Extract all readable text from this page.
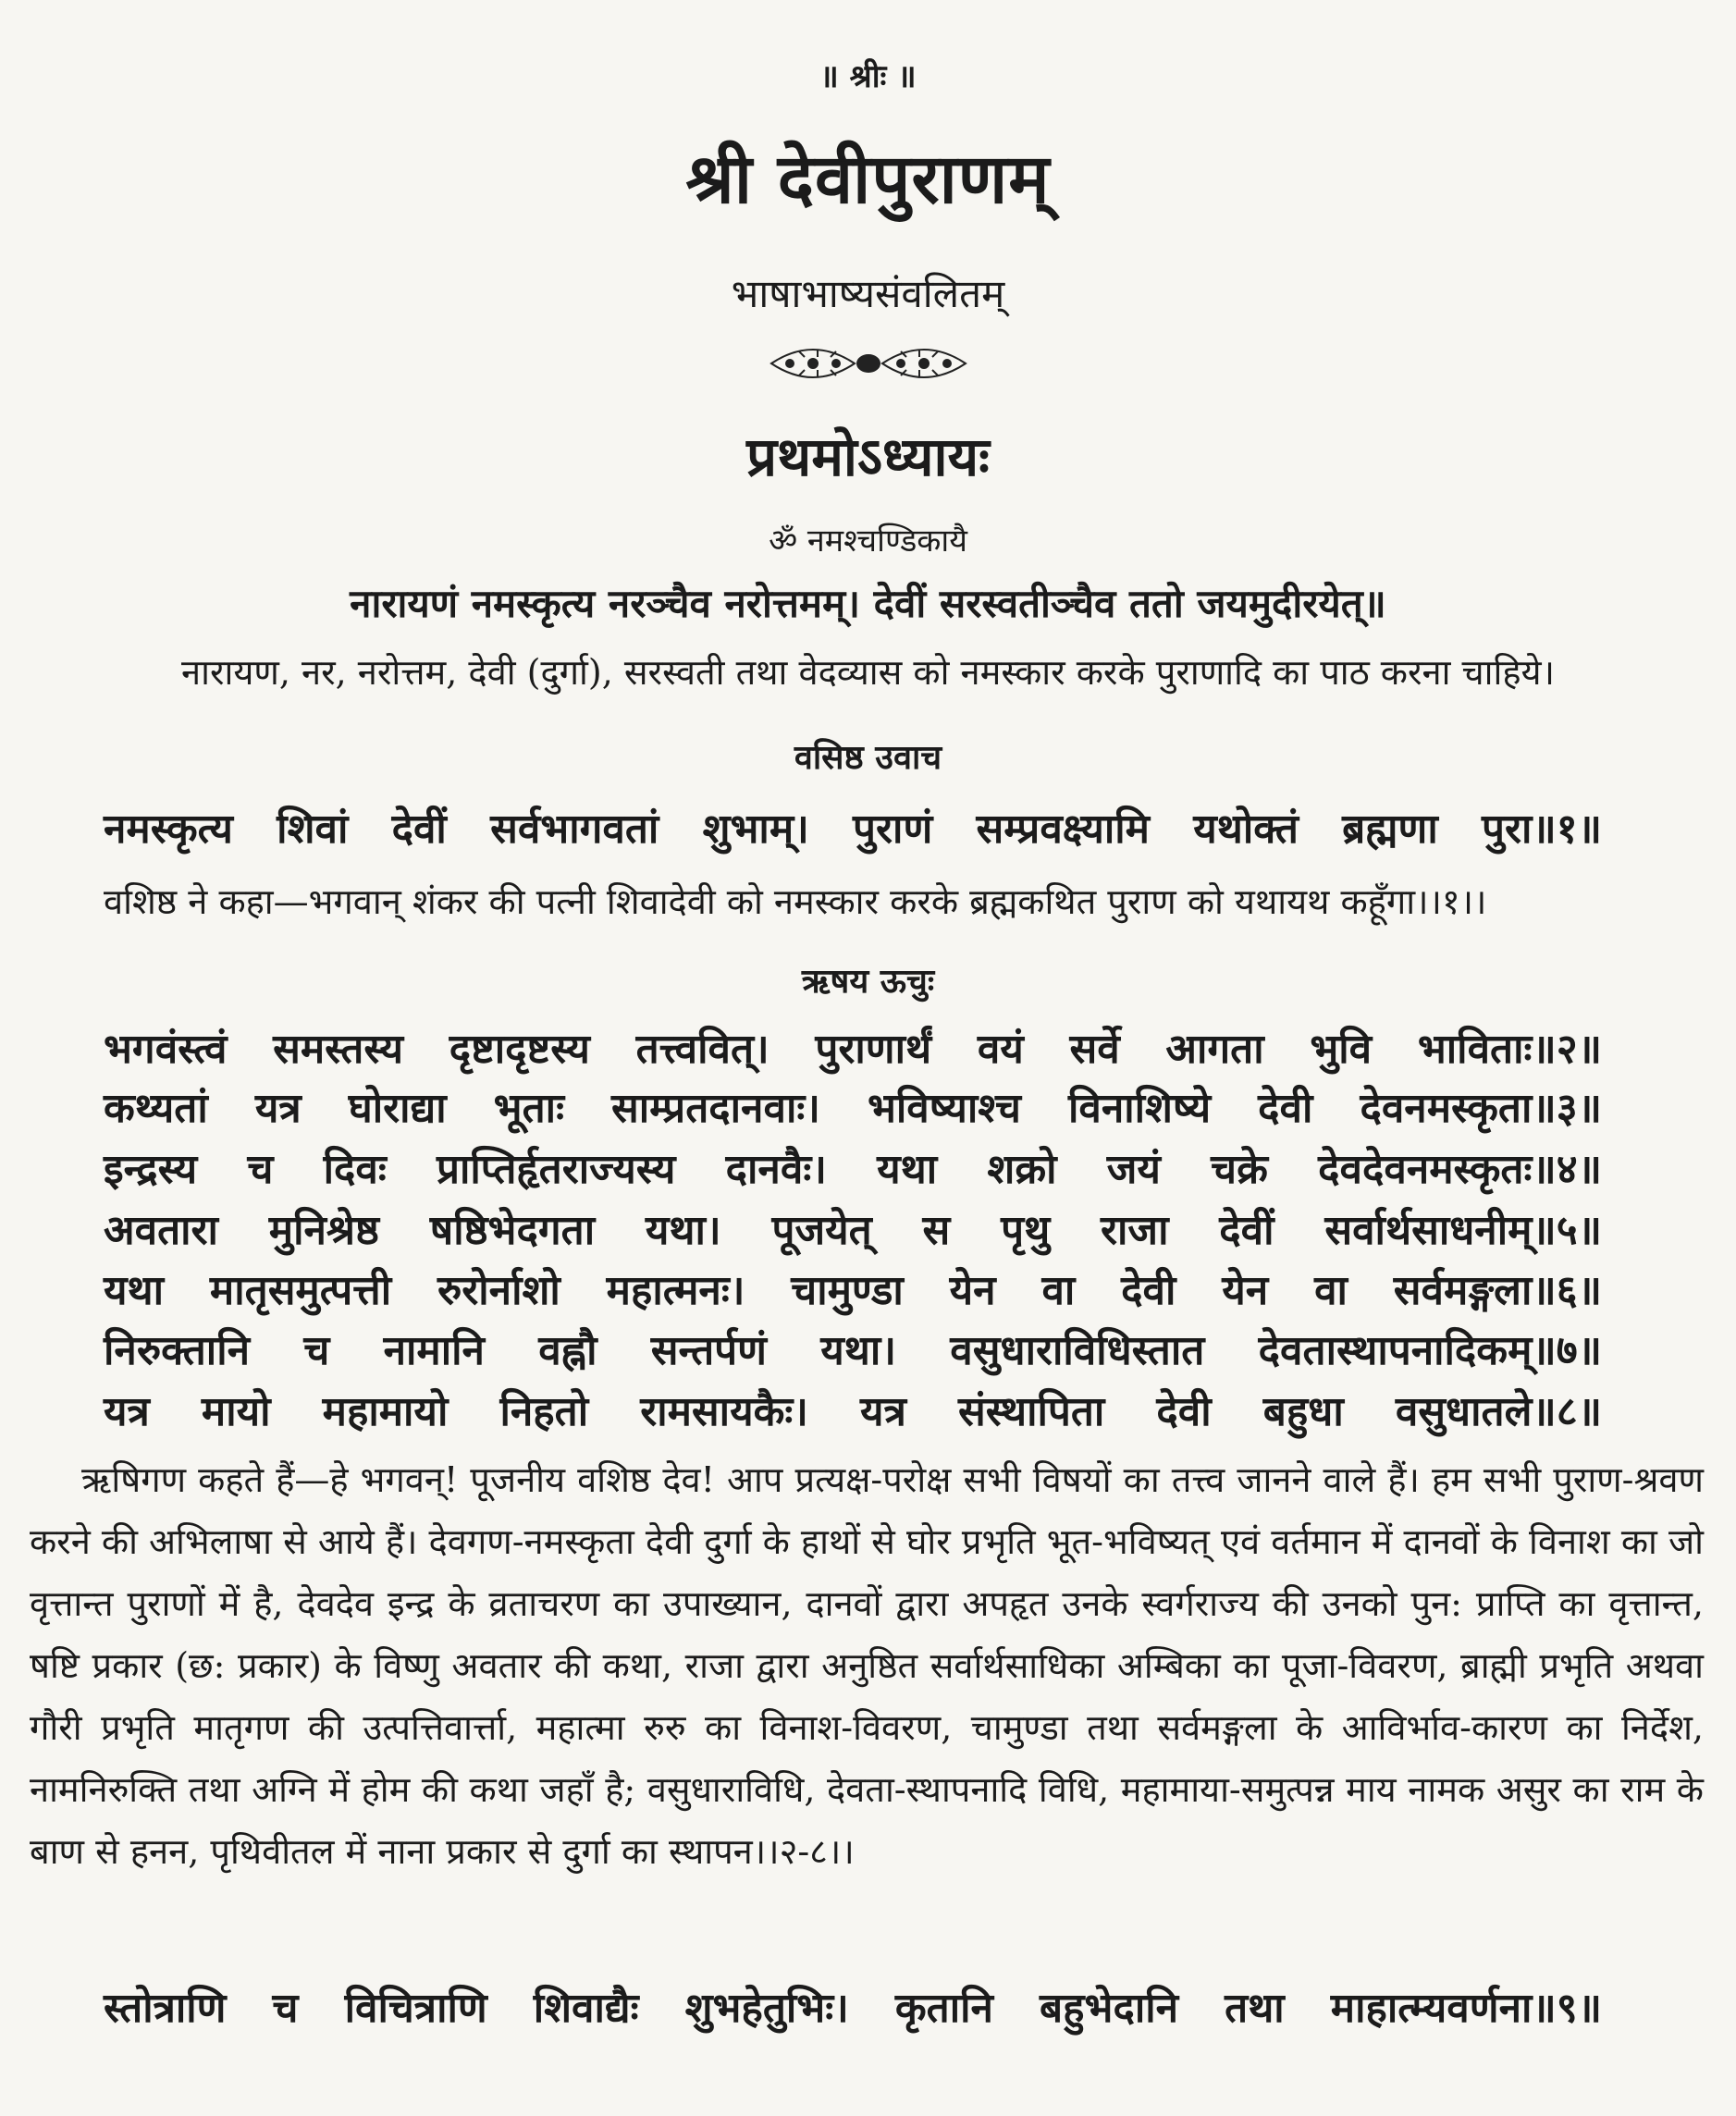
॥ श्रीः ॥
श्री देवीपुराणम्
भाषाभाष्यसंवलितम्
प्रथमोऽध्यायः
ॐ नमश्चण्डिकायै
नारायणं नमस्कृत्य नरञ्चैव नरोत्तमम्। देवीं सरस्वतीञ्चैव ततो जयमुदीरयेत्॥
नारायण, नर, नरोत्तम, देवी (दुर्गा), सरस्वती तथा वेदव्यास को नमस्कार करके पुराणादि का पाठ करना चाहिये।
वसिष्ठ उवाच
नमस्कृत्य शिवां देवीं सर्वभागवतां शुभाम्। पुराणं सम्प्रवक्ष्यामि यथोक्तं ब्रह्मणा पुरा॥१॥
वशिष्ठ ने कहा—भगवान् शंकर की पत्नी शिवादेवी को नमस्कार करके ब्रह्मकथित पुराण को यथायथ कहूँगा।।१।।
ऋषय ऊचुः
भगवंस्त्वं समस्तस्य दृष्टादृष्टस्य तत्त्ववित्। पुराणार्थं वयं सर्वे आगता भुवि भाविताः॥२॥
कथ्यतां यत्र घोराद्या भूताः साम्प्रतदानवाः। भविष्याश्च विनाशिष्ये देवी देवनमस्कृता॥३॥
इन्द्रस्य च दिवः प्राप्तिर्हृतराज्यस्य दानवैः। यथा शक्रो जयं चक्रे देवदेवनमस्कृतः॥४॥
अवतारा मुनिश्रेष्ठ षष्ठिभेदगता यथा। पूजयेत् स पृथु राजा देवीं सर्वार्थसाधनीम्॥५॥
यथा मातृसमुत्पत्ती रुरोर्नाशो महात्मनः। चामुण्डा येन वा देवी येन वा सर्वमङ्गला॥६॥
निरुक्तानि च नामानि वह्नौ सन्तर्पणं यथा। वसुधाराविधिस्तात देवतास्थापनादिकम्॥७॥
यत्र मायो महामायो निहतो रामसायकैः। यत्र संस्थापिता देवी बहुधा वसुधातले॥८॥
ऋषिगण कहते हैं—हे भगवन्! पूजनीय वशिष्ठ देव! आप प्रत्यक्ष-परोक्ष सभी विषयों का तत्त्व जानने वाले हैं। हम सभी पुराण-श्रवण करने की अभिलाषा से आये हैं। देवगण-नमस्कृता देवी दुर्गा के हाथों से घोर प्रभृति भूत-भविष्यत् एवं वर्तमान में दानवों के विनाश का जो वृत्तान्त पुराणों में है, देवदेव इन्द्र के व्रताचरण का उपाख्यान, दानवों द्वारा अपहृत उनके स्वर्गराज्य की उनको पुन: प्राप्ति का वृत्तान्त, षष्टि प्रकार (छ: प्रकार) के विष्णु अवतार की कथा, राजा द्वारा अनुष्ठित सर्वार्थसाधिका अम्बिका का पूजा-विवरण, ब्राह्मी प्रभृति अथवा गौरी प्रभृति मातृगण की उत्पत्तिवार्त्ता, महात्मा रुरु का विनाश-विवरण, चामुण्डा तथा सर्वमङ्गला के आविर्भाव-कारण का निर्देश, नामनिरुक्ति तथा अग्नि में होम की कथा जहाँ है; वसुधाराविधि, देवता-स्थापनादि विधि, महामाया-समुत्पन्न माय नामक असुर का राम के बाण से हनन, पृथिवीतल में नाना प्रकार से दुर्गा का स्थापन।।२-८।।
स्तोत्राणि च विचित्राणि शिवाद्यैः शुभहेतुभिः। कृतानि बहुभेदानि तथा माहात्म्यवर्णना॥९॥
